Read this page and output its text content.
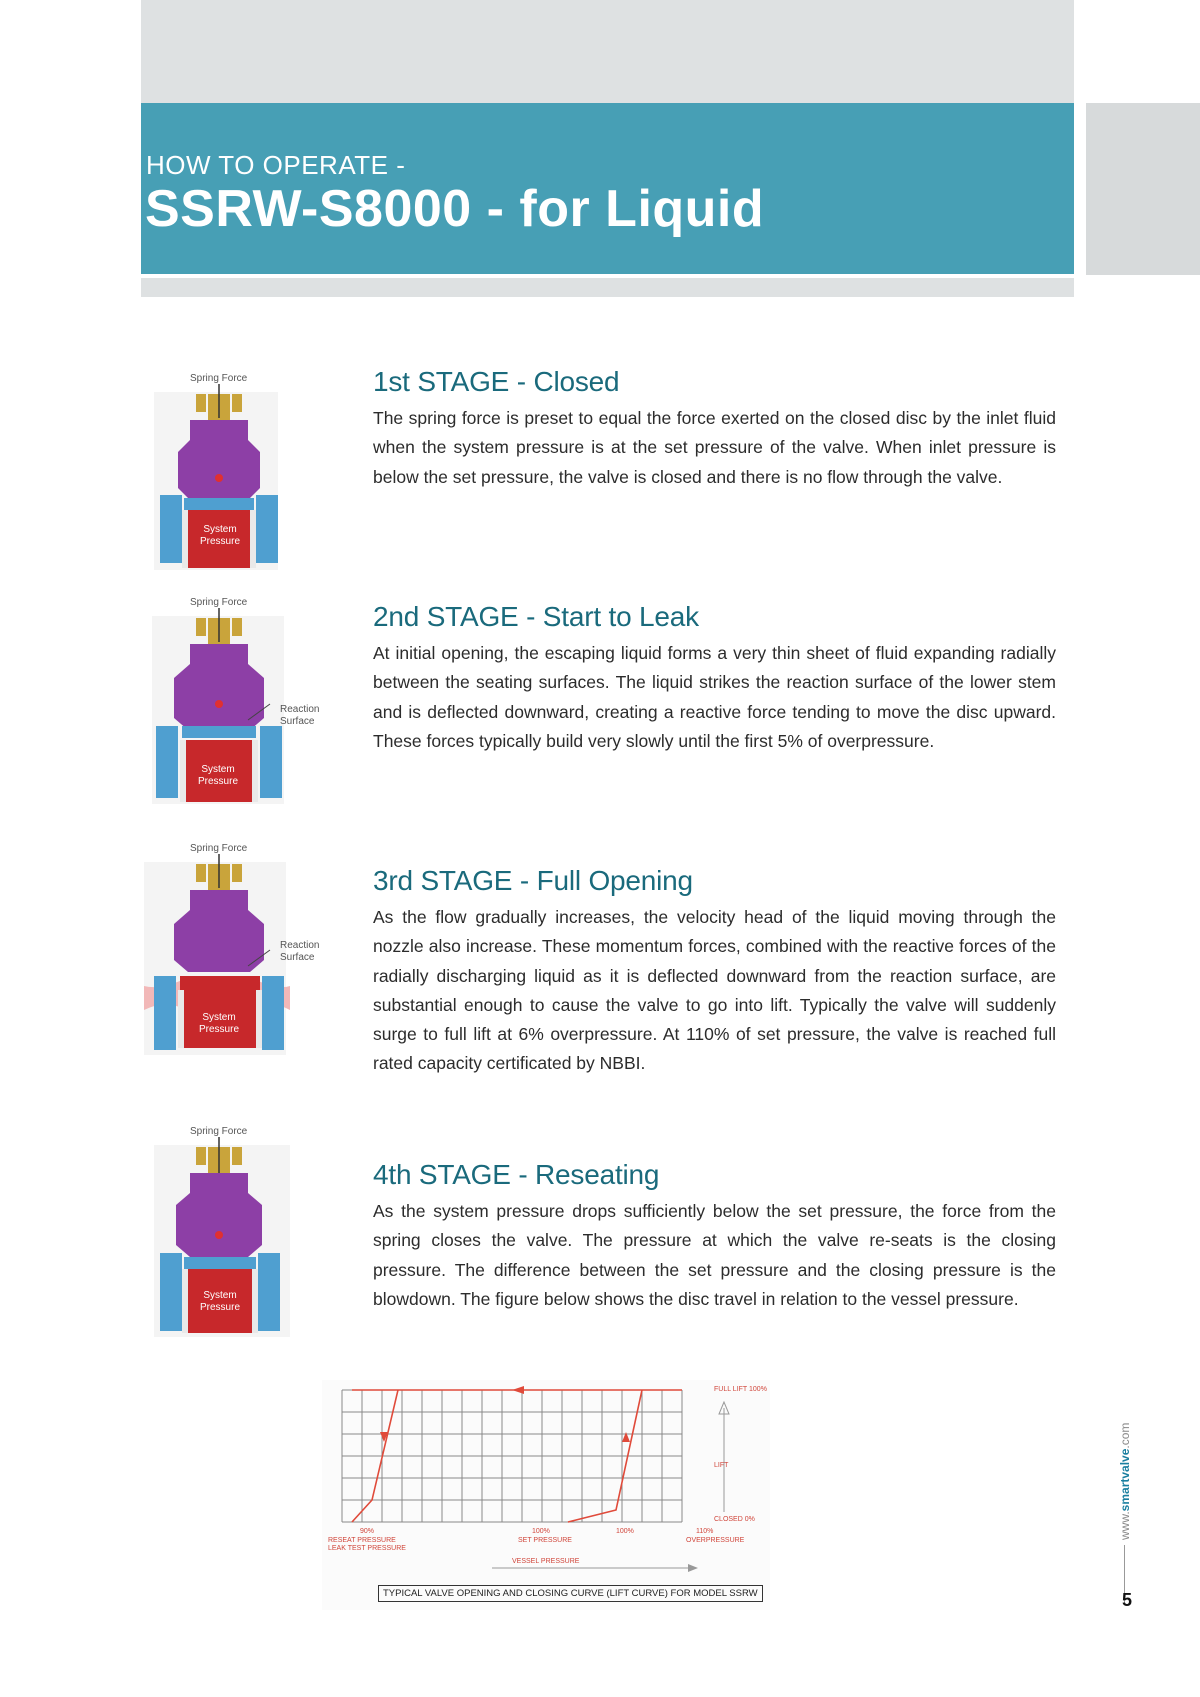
HOW TO OPERATE -
SSRW-S8000 - for Liquid
Spring Force
System
Pressure
Spring Force
Reaction
Surface
System
Pressure
Spring Force
Reaction
Surface
System
Pressure
Spring Force
System
Pressure
1st STAGE - Closed

The spring force is preset to equal the force exerted on the closed disc by the inlet fluid when the system pressure is at the set pressure of the valve. When inlet pressure is below the set pressure, the valve is closed and there is no flow through the valve.

2nd STAGE - Start to Leak

At initial opening, the escaping liquid forms a very thin sheet of fluid expanding radially between the seating surfaces. The liquid strikes the reaction surface of the lower stem and is deflected downward, creating a reactive force tending to move the disc upward. These forces typically build very slowly until the first 5% of overpressure.

3rd STAGE - Full Opening

As the flow gradually increases, the velocity head of the liquid moving through the nozzle also increase. These momentum forces, combined with the reactive forces of the radially discharging liquid as it is deflected downward from the reaction surface, are substantial enough to cause the valve to go into lift. Typically the valve will suddenly surge to full lift at 6% overpressure. At 110% of set pressure, the valve is reached full rated capacity certificated by NBBI.

4th STAGE - Reseating

As the system pressure drops sufficiently below the set pressure, the force from the spring closes the valve. The pressure at which the valve re-seats is the closing pressure. The difference between the set pressure and the closing pressure is the blowdown. The figure below shows the disc travel in relation to the vessel pressure.

FULL LIFT 100%
LIFT
CLOSED 0%
90%
RESEAT PRESSURE
LEAK TEST PRESSURE
100%
SET PRESSURE
100%	110%
OVERPRESSURE
VESSEL PRESSURE
TYPICAL VALVE OPENING AND CLOSING CURVE (LIFT CURVE) FOR MODEL SSRW
www.smartvalve.com
5
